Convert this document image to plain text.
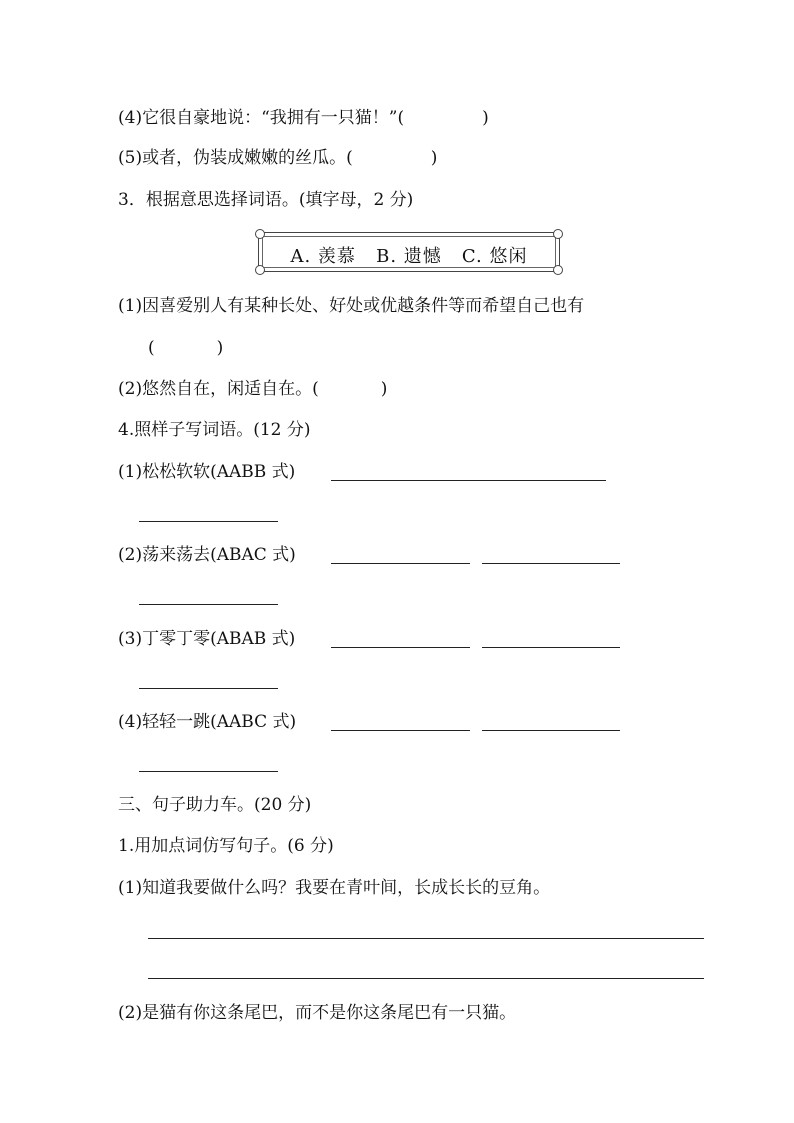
(4)它很自豪地说：“我拥有一只猫！”(	)
(5)或者，伪装成嫩嫩的丝瓜。(	)
3．根据意思选择词语。(填字母，2 分)
A. 羡慕   B. 遗憾   C. 悠闲
(1)因喜爱别人有某种长处、好处或优越条件等而希望自己也有
(	)
(2)悠然自在，闲适自在。(	)
4.照样子写词语。(12 分)
(1)松松软软(AABB 式)
(2)荡来荡去(ABAC 式)
(3)丁零丁零(ABAB 式)
(4)轻轻一跳(AABC 式)
三、句子助力车。(20 分)
1.用加点词仿写句子。(6 分)
(1)知道我要做什么吗？我要在青叶间，长成长长的豆角。
(2)是猫有你这条尾巴，而不是你这条尾巴有一只猫。
